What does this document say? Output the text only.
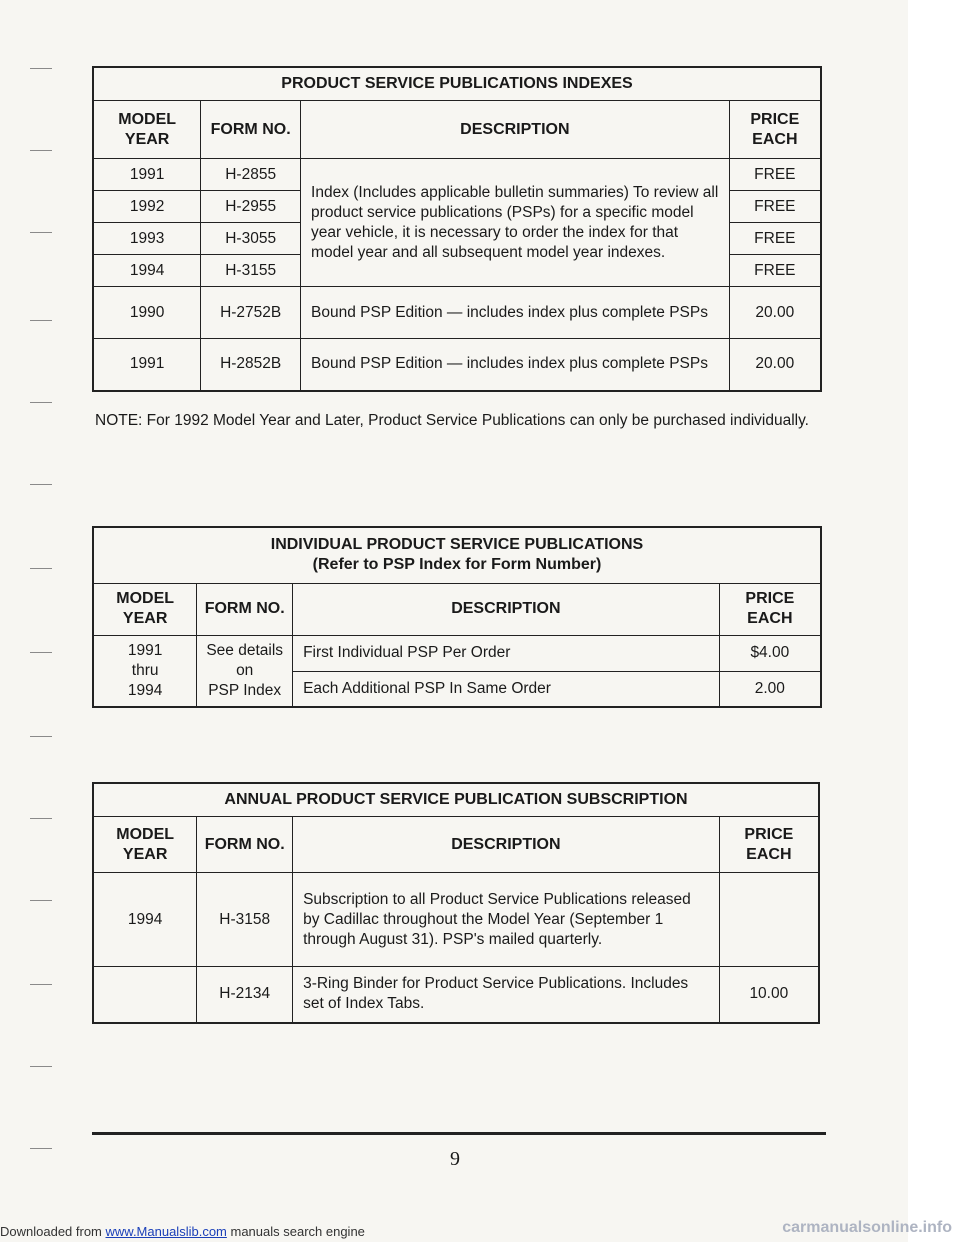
PRODUCT SERVICE PUBLICATIONS INDEXES			
MODEL
YEAR	FORM NO.	DESCRIPTION	PRICE
EACH
1991	H-2855	Index (Includes applicable bulletin summaries) To review all product service publications (PSPs) for a specific model year vehicle, it is necessary to order the index for that model year and all subsequent model year indexes.	FREE
1992	H-2955		FREE
1993	H-3055		FREE
1994	H-3155		FREE
1990	H-2752B	Bound PSP Edition — includes index plus complete PSPs	20.00
1991	H-2852B	Bound PSP Edition — includes index plus complete PSPs	20.00
NOTE: For 1992 Model Year and Later, Product Service Publications can only be purchased individually.
INDIVIDUAL PRODUCT SERVICE PUBLICATIONS
(Refer to PSP Index for Form Number)			

MODEL
YEAR	FORM NO.	DESCRIPTION	PRICE
EACH
1991
thru
1994	See details
on
PSP Index	First Individual PSP Per Order	$4.00
		Each Additional PSP In Same Order	2.00
ANNUAL PRODUCT SERVICE PUBLICATION SUBSCRIPTION			
MODEL
YEAR	FORM NO.	DESCRIPTION	PRICE
EACH
1994	H-3158	Subscription to all Product Service Publications released by Cadillac throughout the Model Year (September 1 through August 31). PSP's mailed quarterly.	
	H-2134	3-Ring Binder for Product Service Publications. Includes set of Index Tabs.	10.00
9
Downloaded from www.Manualslib.com manuals search engine	carmanualsonline.info
